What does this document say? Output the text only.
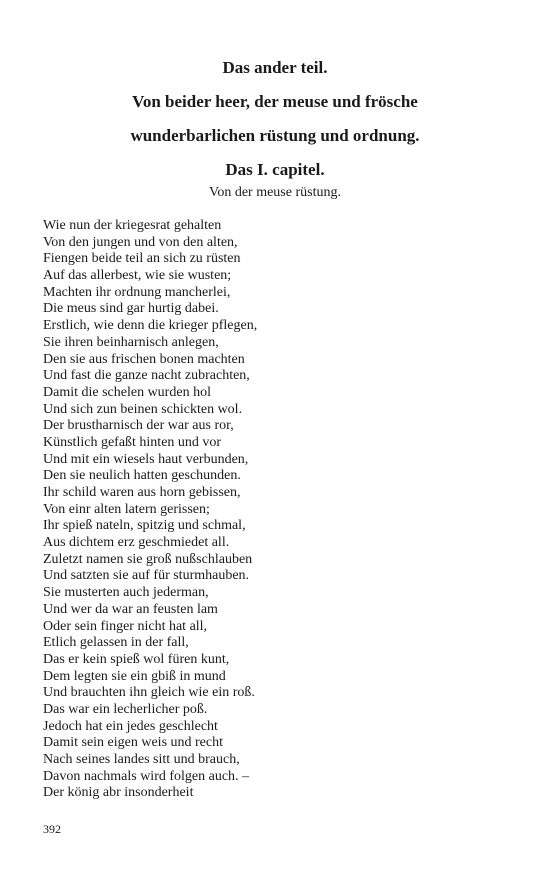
Das ander teil.
Von beider heer, der meuse und frösche
wunderbarlichen rüstung und ordnung.
Das I. capitel.

Von der meuse rüstung.

Wie nun der kriegesrat gehalten
Von den jungen und von den alten,
Fiengen beide teil an sich zu rüsten
Auf das allerbest, wie sie wusten;
Machten ihr ordnung mancherlei,
Die meus sind gar hurtig dabei.
Erstlich, wie denn die krieger pflegen,
Sie ihren beinharnisch anlegen,
Den sie aus frischen bonen machten
Und fast die ganze nacht zubrachten,
Damit die schelen wurden hol
Und sich zun beinen schickten wol.
Der brustharnisch der war aus ror,
Künstlich gefaßt hinten und vor
Und mit ein wiesels haut verbunden,
Den sie neulich hatten geschunden.
Ihr schild waren aus horn gebissen,
Von einr alten latern gerissen;
Ihr spieß nateln, spitzig und schmal,
Aus dichtem erz geschmiedet all.
Zuletzt namen sie groß nußschlauben
Und satzten sie auf für sturmhauben.
Sie musterten auch jederman,
Und wer da war an feusten lam
Oder sein finger nicht hat all,
Etlich gelassen in der fall,
Das er kein spieß wol füren kunt,
Dem legten sie ein gbiß in mund
Und brauchten ihn gleich wie ein roß.
Das war ein lecherlicher poß.
Jedoch hat ein jedes geschlecht
Damit sein eigen weis und recht
Nach seines landes sitt und brauch,
Davon nachmals wird folgen auch. –
Der könig abr insonderheit
392
